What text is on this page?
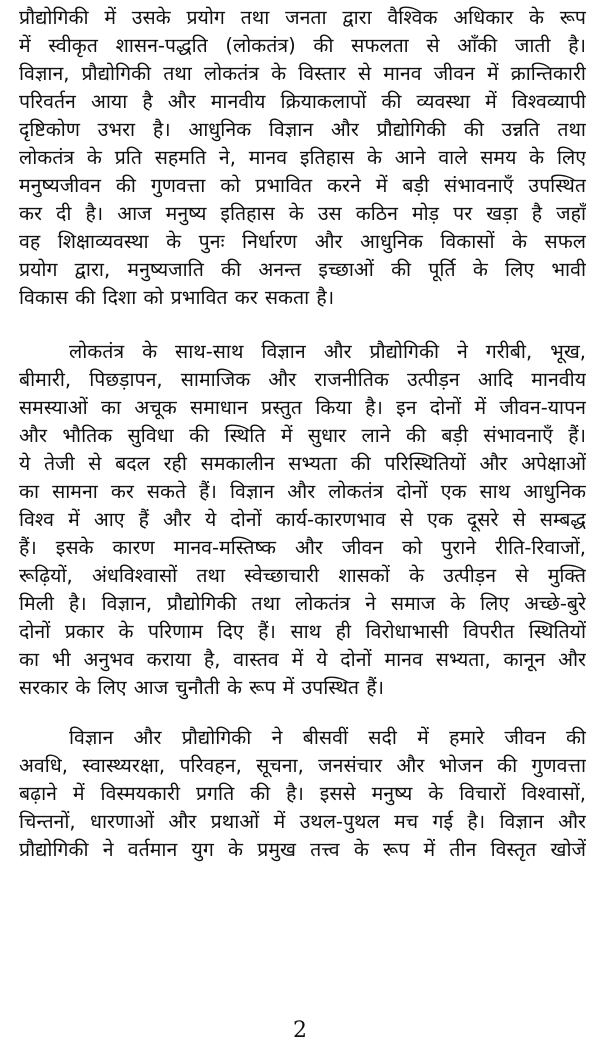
प्रौद्योगिकी में उसके प्रयोग तथा जनता द्वारा वैश्विक अधिकार के रूप
में स्वीकृत शासन-पद्धति (लोकतंत्र) की सफलता से आँकी जाती है।
विज्ञान, प्रौद्योगिकी तथा लोकतंत्र के विस्तार से मानव जीवन में क्रान्तिकारी
परिवर्तन आया है और मानवीय क्रियाकलापों की व्यवस्था में विश्वव्यापी
दृष्टिकोण उभरा है। आधुनिक विज्ञान और प्रौद्योगिकी की उन्नति तथा
लोकतंत्र के प्रति सहमति ने, मानव इतिहास के आने वाले समय के लिए
मनुष्यजीवन की गुणवत्ता को प्रभावित करने में बड़ी संभावनाएँ उपस्थित
कर दी है। आज मनुष्य इतिहास के उस कठिन मोड़ पर खड़ा है जहाँ
वह शिक्षाव्यवस्था के पुनः निर्धारण और आधुनिक विकासों के सफल
प्रयोग द्वारा, मनुष्यजाति की अनन्त इच्छाओं की पूर्ति के लिए भावी
विकास की दिशा को प्रभावित कर सकता है।
लोकतंत्र के साथ-साथ विज्ञान और प्रौद्योगिकी ने गरीबी, भूख,
बीमारी, पिछड़ापन, सामाजिक और राजनीतिक उत्पीड़न आदि मानवीय
समस्याओं का अचूक समाधान प्रस्तुत किया है। इन दोनों में जीवन-यापन
और भौतिक सुविधा की स्थिति में सुधार लाने की बड़ी संभावनाएँ हैं।
ये तेजी से बदल रही समकालीन सभ्यता की परिस्थितियों और अपेक्षाओं
का सामना कर सकते हैं। विज्ञान और लोकतंत्र दोनों एक साथ आधुनिक
विश्व में आए हैं और ये दोनों कार्य-कारणभाव से एक दूसरे से सम्बद्ध
हैं। इसके कारण मानव-मस्तिष्क और जीवन को पुराने रीति-रिवाजों,
रूढ़ियों, अंधविश्वासों तथा स्वेच्छाचारी शासकों के उत्पीड़न से मुक्ति
मिली है। विज्ञान, प्रौद्योगिकी तथा लोकतंत्र ने समाज के लिए अच्छे-बुरे
दोनों प्रकार के परिणाम दिए हैं। साथ ही विरोधाभासी विपरीत स्थितियों
का भी अनुभव कराया है, वास्तव में ये दोनों मानव सभ्यता, कानून और
सरकार के लिए आज चुनौती के रूप में उपस्थित हैं।
विज्ञान और प्रौद्योगिकी ने बीसवीं सदी में हमारे जीवन की
अवधि, स्वास्थ्यरक्षा, परिवहन, सूचना, जनसंचार और भोजन की गुणवत्ता
बढ़ाने में विस्मयकारी प्रगति की है। इससे मनुष्य के विचारों विश्वासों,
चिन्तनों, धारणाओं और प्रथाओं में उथल-पुथल मच गई है। विज्ञान और
प्रौद्योगिकी ने वर्तमान युग के प्रमुख तत्त्व के रूप में तीन विस्तृत खोजें
2
